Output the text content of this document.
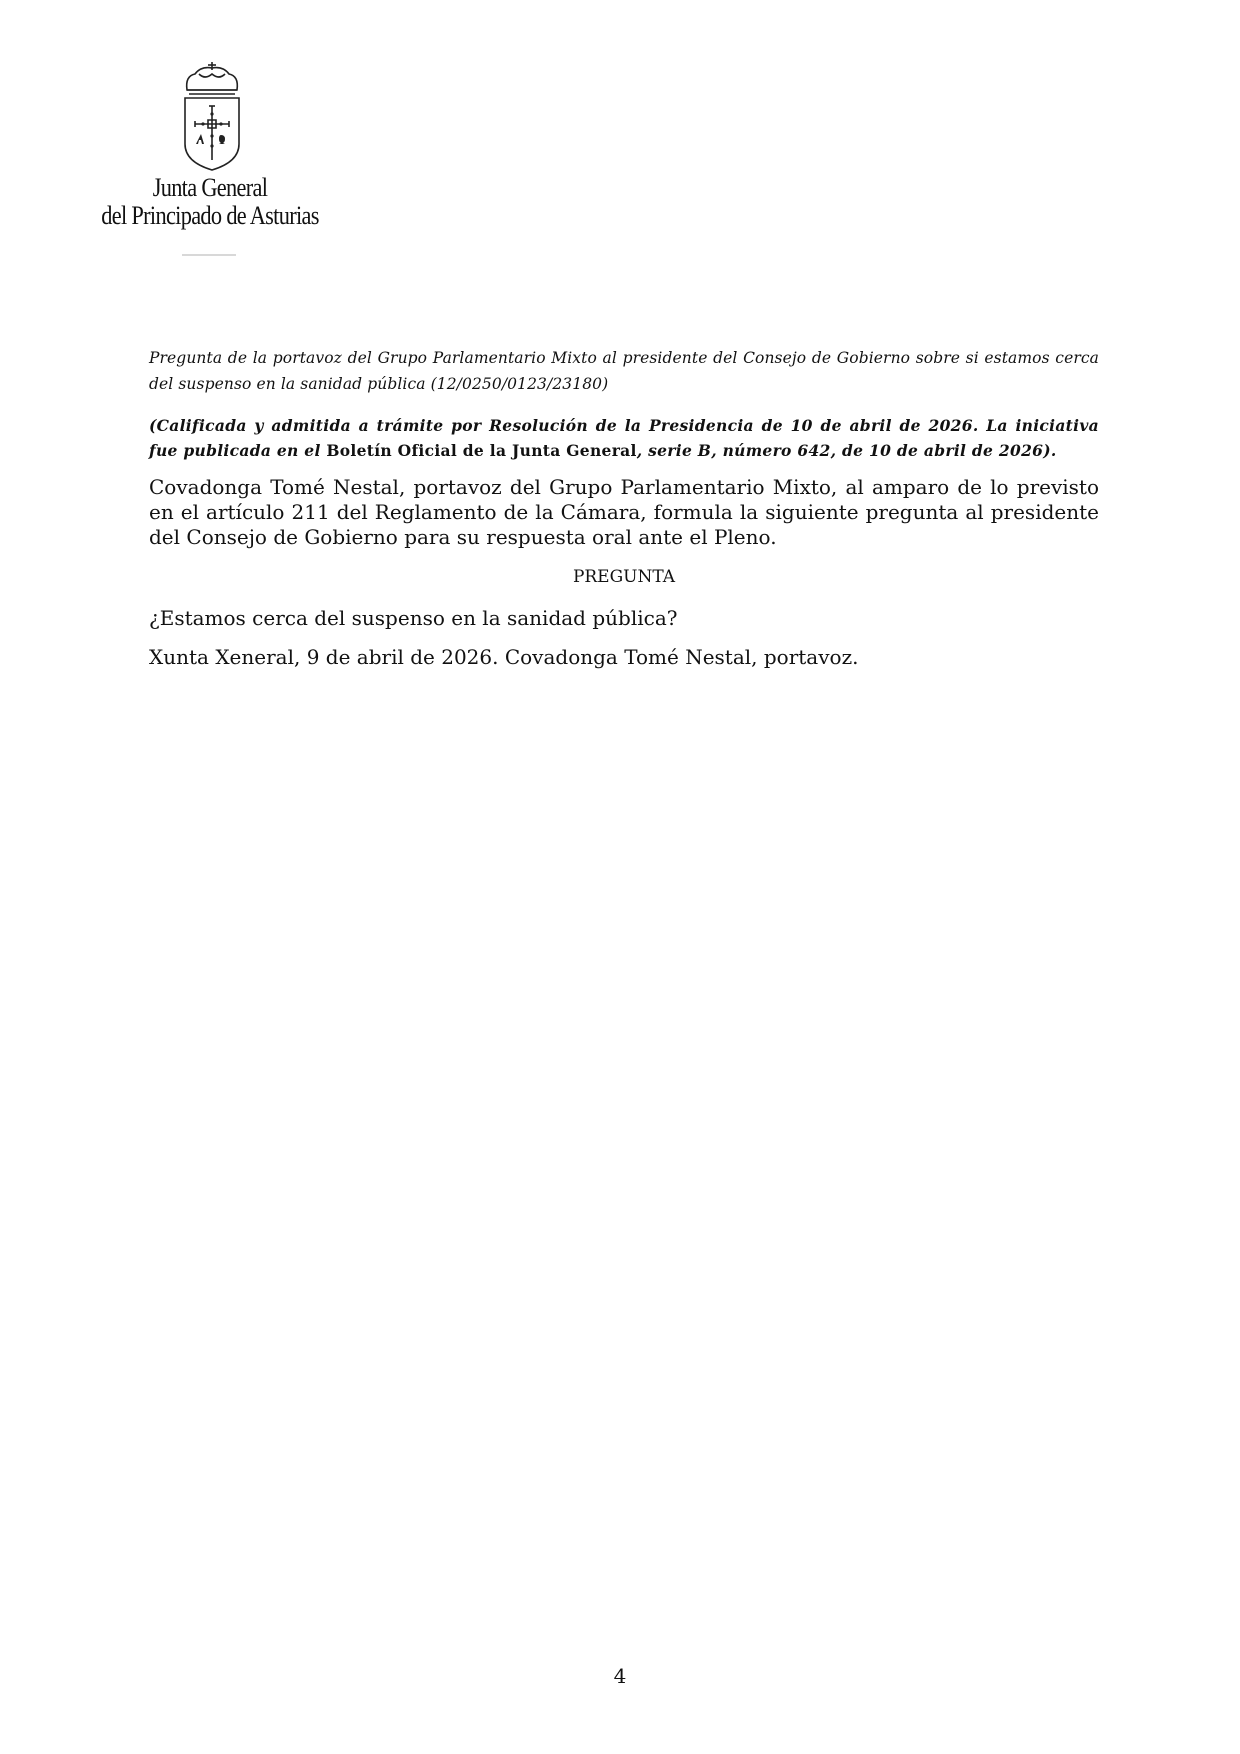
Junta General
del Principado de Asturias

Pregunta de la portavoz del Grupo Parlamentario Mixto al presidente del Consejo de Gobierno sobre si estamos cerca del suspenso en la sanidad pública (12/0250/0123/23180)

(Calificada y admitida a trámite por Resolución de la Presidencia de 10 de abril de 2026. La iniciativa fue publicada en el Boletín Oficial de la Junta General, serie B, número 642, de 10 de abril de 2026).

Covadonga Tomé Nestal, portavoz del Grupo Parlamentario Mixto, al amparo de lo previsto en el artículo 211 del Reglamento de la Cámara, formula la siguiente pregunta al presidente del Consejo de Gobierno para su respuesta oral ante el Pleno.

PREGUNTA

¿Estamos cerca del suspenso en la sanidad pública?

Xunta Xeneral, 9 de abril de 2026. Covadonga Tomé Nestal, portavoz.

4
